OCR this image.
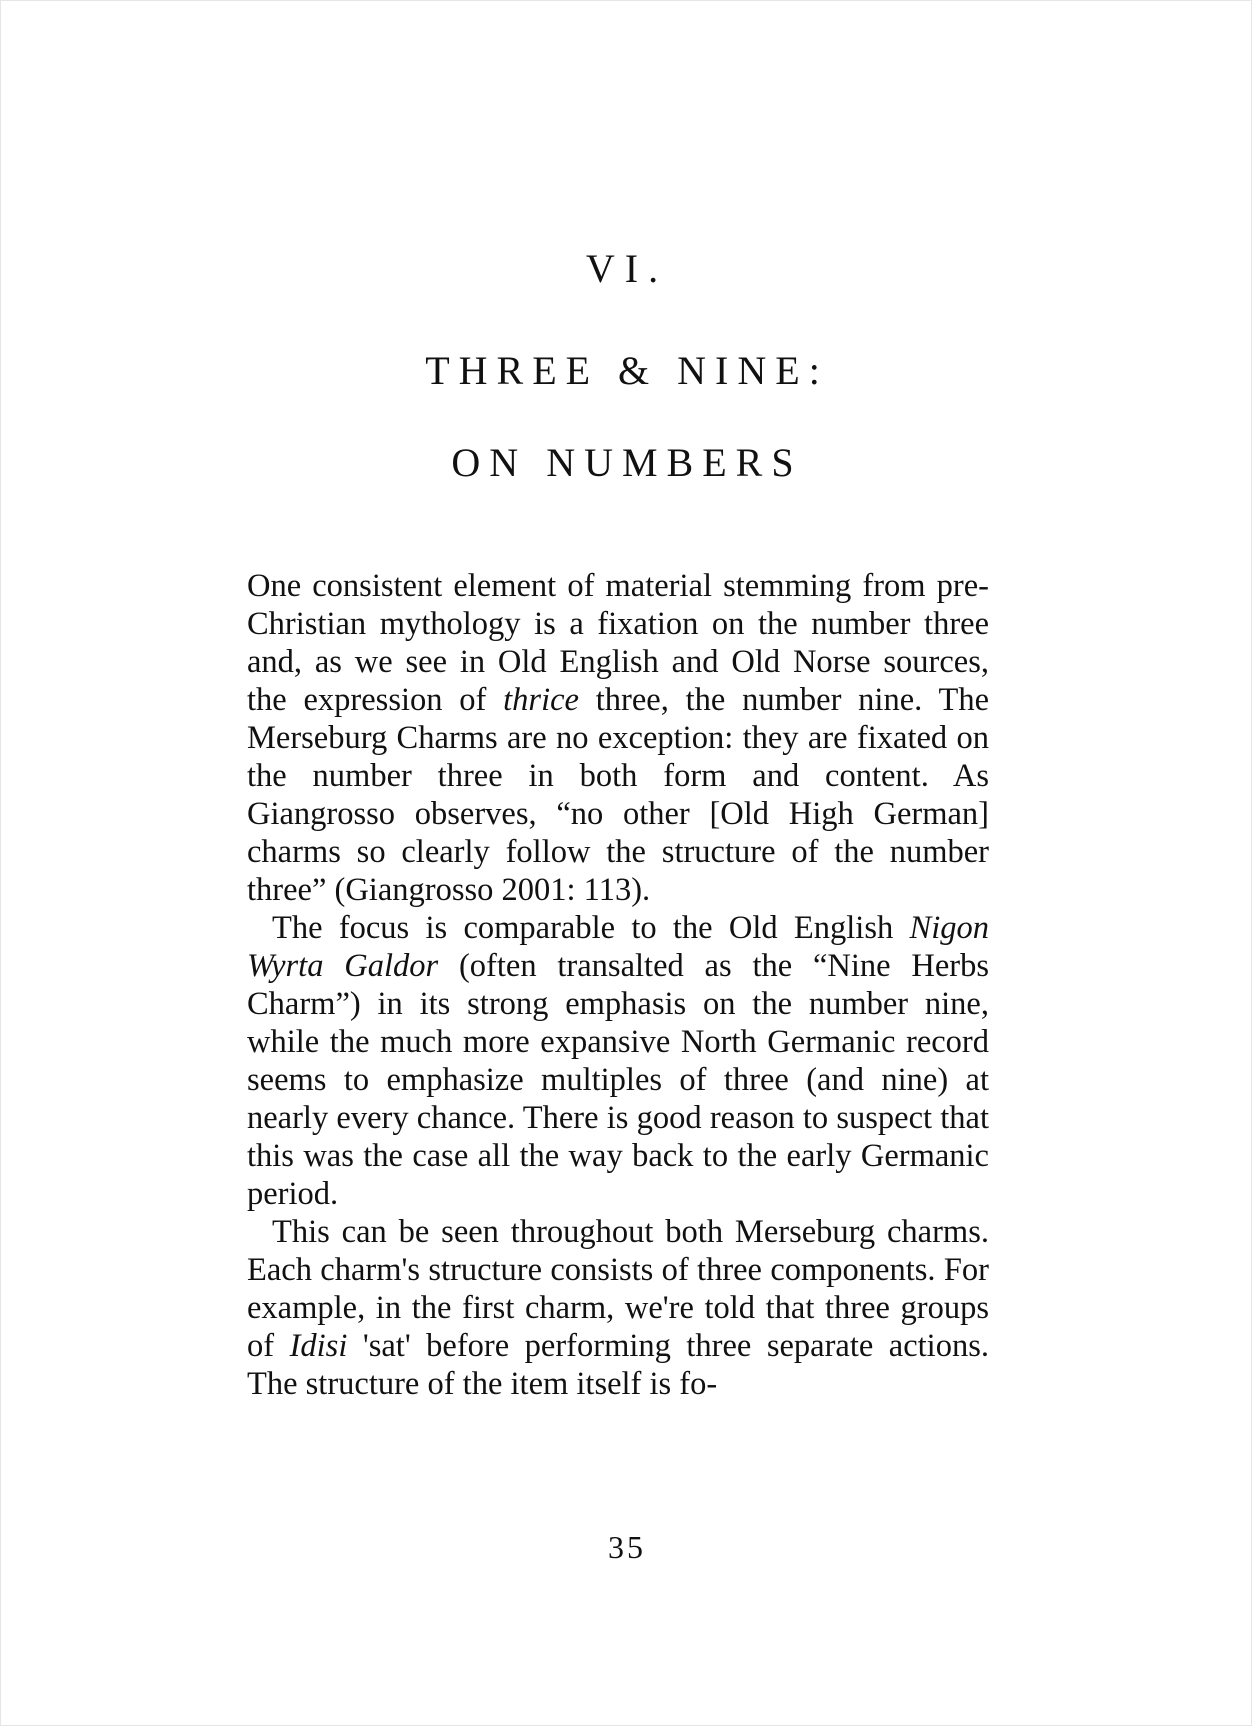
VI.
THREE & NINE:
ON NUMBERS

One consistent element of material stemming from pre-Christian mythology is a fixation on the number three and, as we see in Old English and Old Norse sources, the expression of thrice three, the number nine. The Merseburg Charms are no exception: they are fixated on the number three in both form and content. As Giangrosso observes, “no other [Old High German] charms so clearly follow the structure of the number three” (Giangrosso 2001: 113).

The focus is comparable to the Old English Nigon Wyrta Galdor (often transalted as the “Nine Herbs Charm”) in its strong emphasis on the number nine, while the much more expansive North Germanic record seems to emphasize multiples of three (and nine) at nearly every chance. There is good reason to suspect that this was the case all the way back to the early Germanic period.

This can be seen throughout both Merseburg charms. Each charm's structure consists of three components. For example, in the first charm, we're told that three groups of Idisi 'sat' before performing three separate actions. The structure of the item itself is fo-

35
